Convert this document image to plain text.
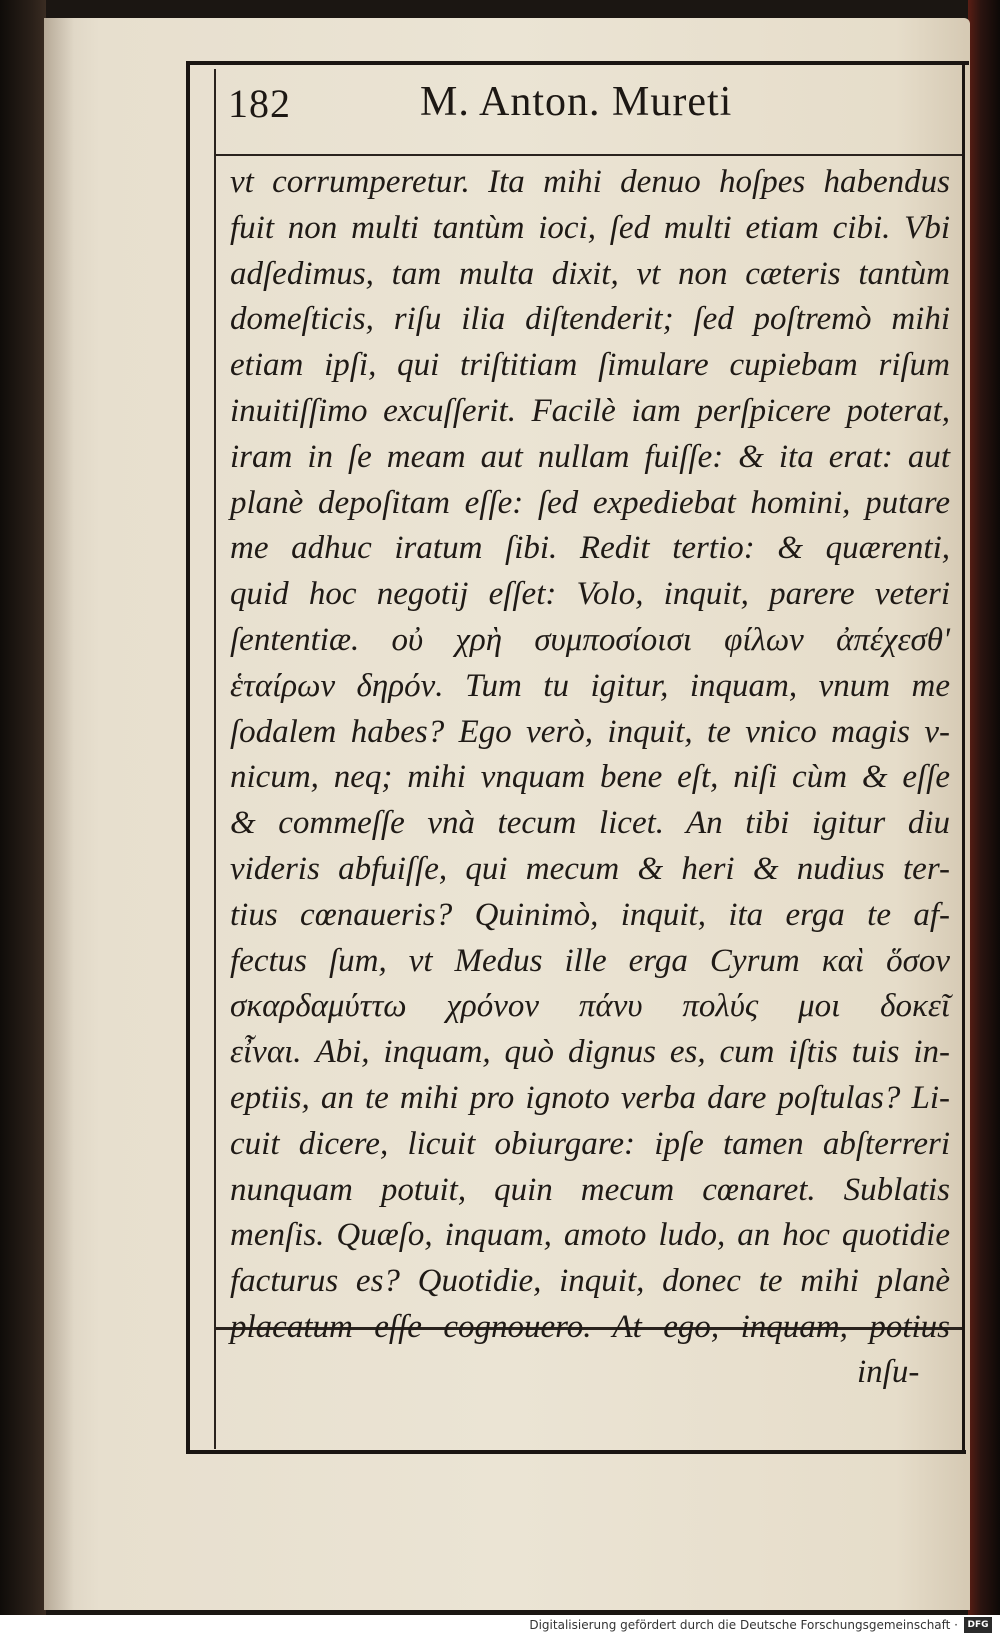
182	M. Anton. Mureti
vt corrumperetur. Ita mihi denuo hoſpes habendus
fuit non multi tantùm ioci, ſed multi etiam cibi. Vbi
adſedimus, tam multa dixit, vt non cæteris tantùm
domeſticis, riſu ilia diſtenderit; ſed poſtremò mihi
etiam ipſi, qui triſtitiam ſimulare cupiebam riſum
inuitiſſimo excuſſerit. Facilè iam perſpicere poterat,
iram in ſe meam aut nullam fuiſſe: & ita erat: aut
planè depoſitam eſſe: ſed expediebat homini, putare
me adhuc iratum ſibi. Redit tertio: & quærenti,
quid hoc negotij eſſet: Volo, inquit, parere veteri
ſententiæ. οὐ χρὴ συμποσίοισι φίλων ἀπέχεσθ'
ἑταίρων δηρόν. Tum tu igitur, inquam, vnum me
ſodalem habes? Ego verò, inquit, te vnico magis v-
nicum, neq; mihi vnquam bene eſt, niſi cùm & eſſe
& commeſſe vnà tecum licet. An tibi igitur diu
videris abfuiſſe, qui mecum & heri & nudius ter-
tius cœnaueris? Quinimò, inquit, ita erga te af-
fectus ſum, vt Medus ille erga Cyrum καὶ ὅσον
σκαρδαμύττω χρόνον πάνυ πολύς μοι δοκεῖ
εἶναι. Abi, inquam, quò dignus es, cum iſtis tuis in-
eptiis, an te mihi pro ignoto verba dare poſtulas? Li-
cuit dicere, licuit obiurgare: ipſe tamen abſterreri
nunquam potuit, quin mecum cœnaret. Sublatis
menſis. Quæſo, inquam, amoto ludo, an hoc quotidie
facturus es? Quotidie, inquit, donec te mihi planè
placatum eſſe cognouero. At ego, inquam, potius
inſu-
Digitalisierung gefördert durch die Deutsche Forschungsgemeinschaft ·	DFG
